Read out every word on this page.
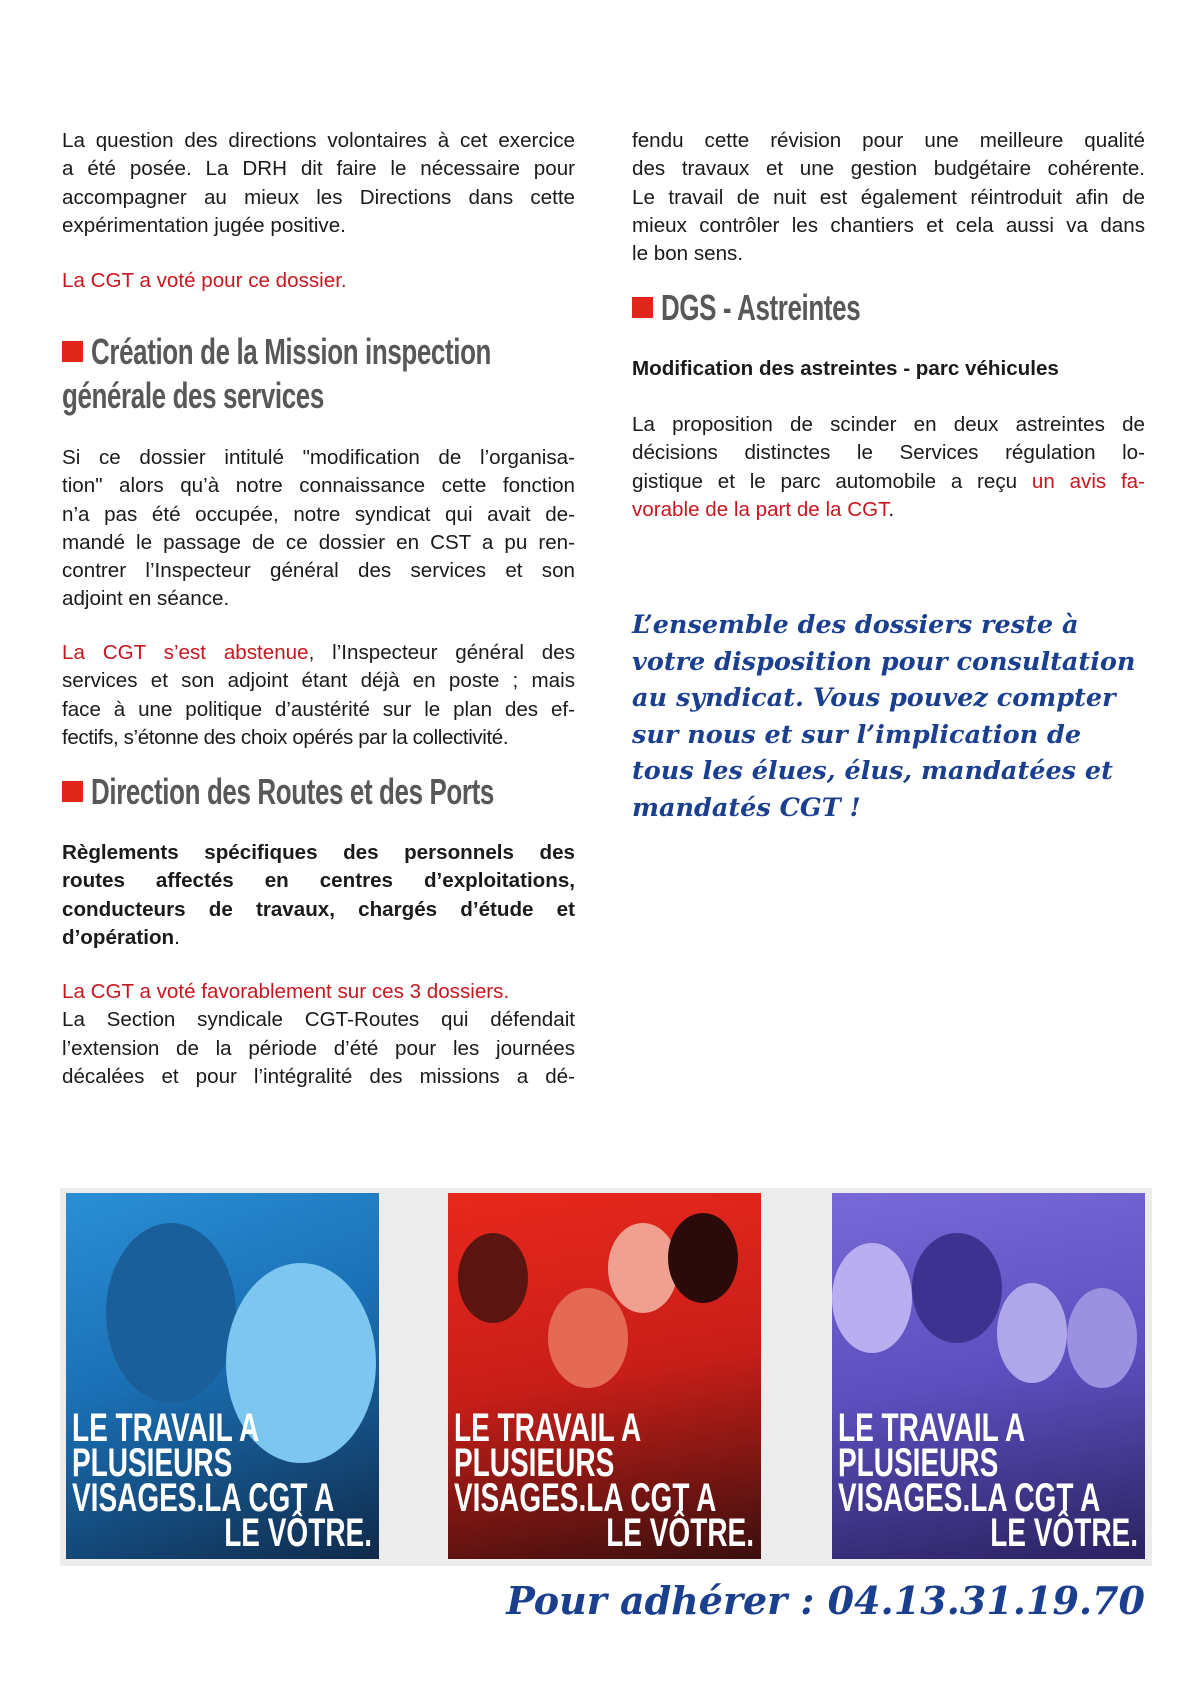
La question des directions volontaires à cet exercice
a été posée. La DRH dit faire le nécessaire pour
accompagner au mieux les Directions dans cette
expérimentation jugée positive.
La CGT a voté pour ce dossier.
Création de la Mission inspection
générale des services
Si ce dossier intitulé "modification de l’organisa-
tion" alors qu’à notre connaissance cette fonction
n’a pas été occupée, notre syndicat qui avait de-
mandé le passage de ce dossier en CST a pu ren-
contrer l’Inspecteur général des services et son
adjoint en séance.
La CGT s’est abstenue, l’Inspecteur général des
services et son adjoint étant déjà en poste ; mais
face à une politique d’austérité sur le plan des ef-
fectifs, s’étonne des choix opérés par la collectivité.
Direction des Routes et des Ports
Règlements spécifiques des personnels des
routes affectés en centres d’exploitations,
conducteurs de travaux, chargés d’étude et
d’opération.
La CGT a voté favorablement sur ces 3 dossiers.
La Section syndicale CGT-Routes qui défendait
l’extension de la période d’été pour les journées
décalées et pour l’intégralité des missions a dé-
fendu cette révision pour une meilleure qualité
des travaux et une gestion budgétaire cohérente.
Le travail de nuit est également réintroduit afin de
mieux contrôler les chantiers et cela aussi va dans
le bon sens.
DGS - Astreintes
Modification des astreintes - parc véhicules
La proposition de scinder en deux astreintes de
décisions distinctes le Services régulation lo-
gistique et le parc automobile a reçu un avis fa-
vorable de la part de la CGT.
L’ensemble des dossiers reste à
votre disposition pour consultation
au syndicat. Vous pouvez compter
sur nous et sur l’implication de
tous les élues, élus, mandatées et
mandatés CGT !
LE TRAVAIL A
PLUSIEURS
VISAGES.LA CGT A
LE VÔTRE.
LE TRAVAIL A
PLUSIEURS
VISAGES.LA CGT A
LE VÔTRE.
LE TRAVAIL A
PLUSIEURS
VISAGES.LA CGT A
LE VÔTRE.
Pour adhérer : 04.13.31.19.70
